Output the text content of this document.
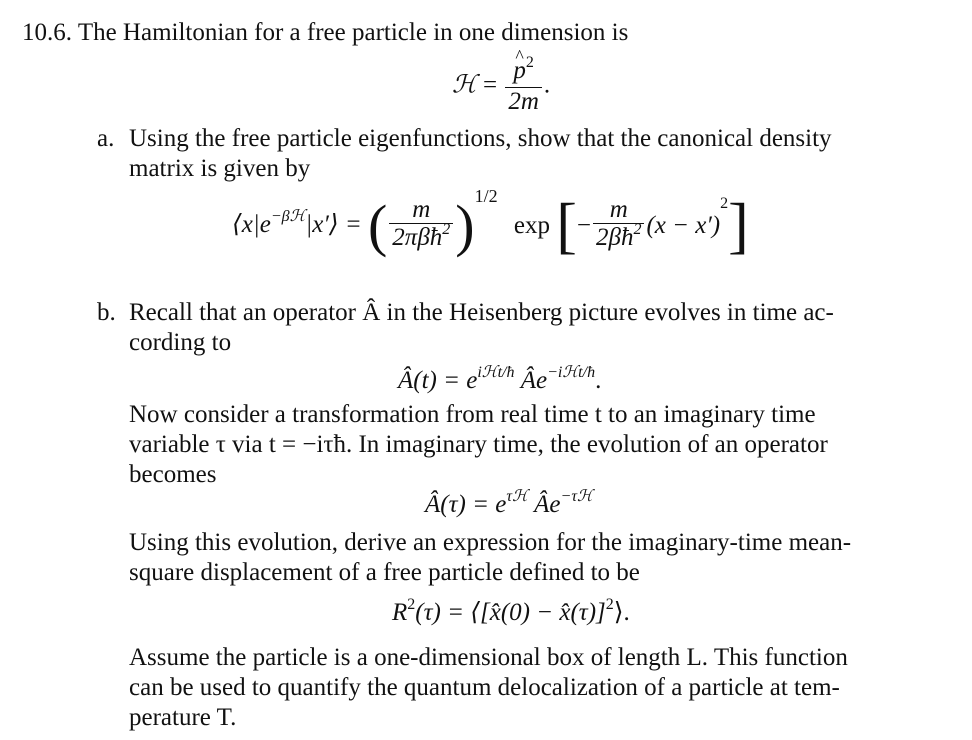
10.6. The Hamiltonian for a free particle in one dimension is
ℋ = $\frac{p \^{}^2}{2m}$ .
a. Using the free particle eigenfunctions, show that the canonical density
matrix is given by
$⟨x|e^{-\beta ℋ}|x'⟩$ = ( $\frac{m}{2\pi\beta ħ^2} )^{1/2}$ exp [− $\frac{m}{2\beta ħ^2} (x - x')^2$]
b. Recall that an operator Â in the Heisenberg picture evolves in time ac-
cording to
Â(t) = $e^{iℋt/ħ}$ $Âe^{-iℋt/ħ}$.
Now consider a transformation from real time t to an imaginary time
variable τ via t = −iτħ. In imaginary time, the evolution of an operator
becomes
Â(τ) = $e^{\tau ℋ}$ $Âe^{-\tau ℋ}$
Using this evolution, derive an expression for the imaginary-time mean-
square displacement of a free particle defined to be
$R^2(\tau)$ = ⟨[x̂(0) − x̂(τ)]$^2$⟩.
Assume the particle is a one-dimensional box of length L. This function
can be used to quantify the quantum delocalization of a particle at tem-
perature T.
